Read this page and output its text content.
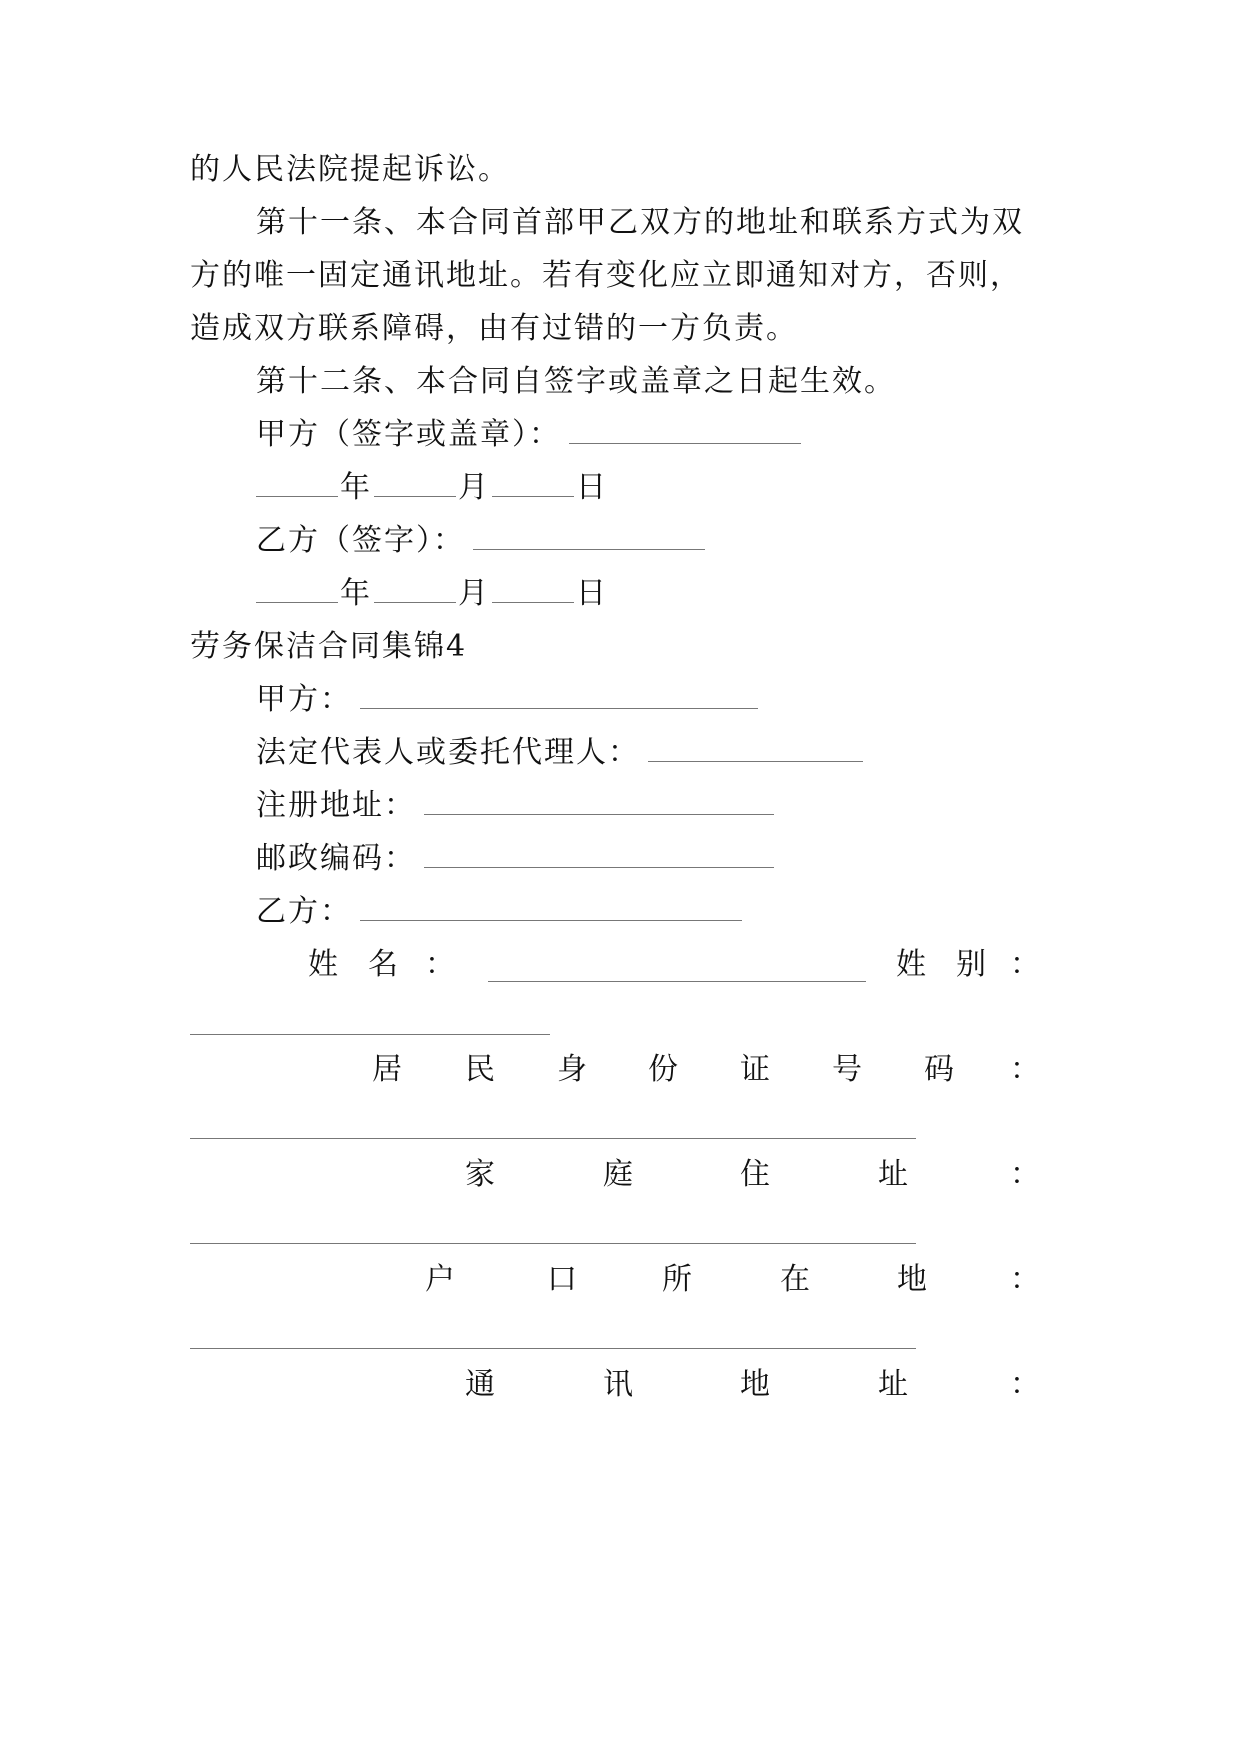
的人民法院提起诉讼。
第十一条、本合同首部甲乙双方的地址和联系方式为双
方的唯一固定通讯地址。若有变化应立即通知对方，否则，
造成双方联系障碍，由有过错的一方负责。
第十二条、本合同自签字或盖章之日起生效。
甲方（签字或盖章）：
年	月	日
乙方（签字）：
年	月	日
劳务保洁合同集锦4
甲方：
法定代表人或委托代理人：
注册地址：
邮政编码：
乙方：
姓 名 ：	姓 别 ：
居 民 身 份 证 号 码 ：
家	庭	住	址	：
户	口	所	在	地	：
通	讯	地	址	：
